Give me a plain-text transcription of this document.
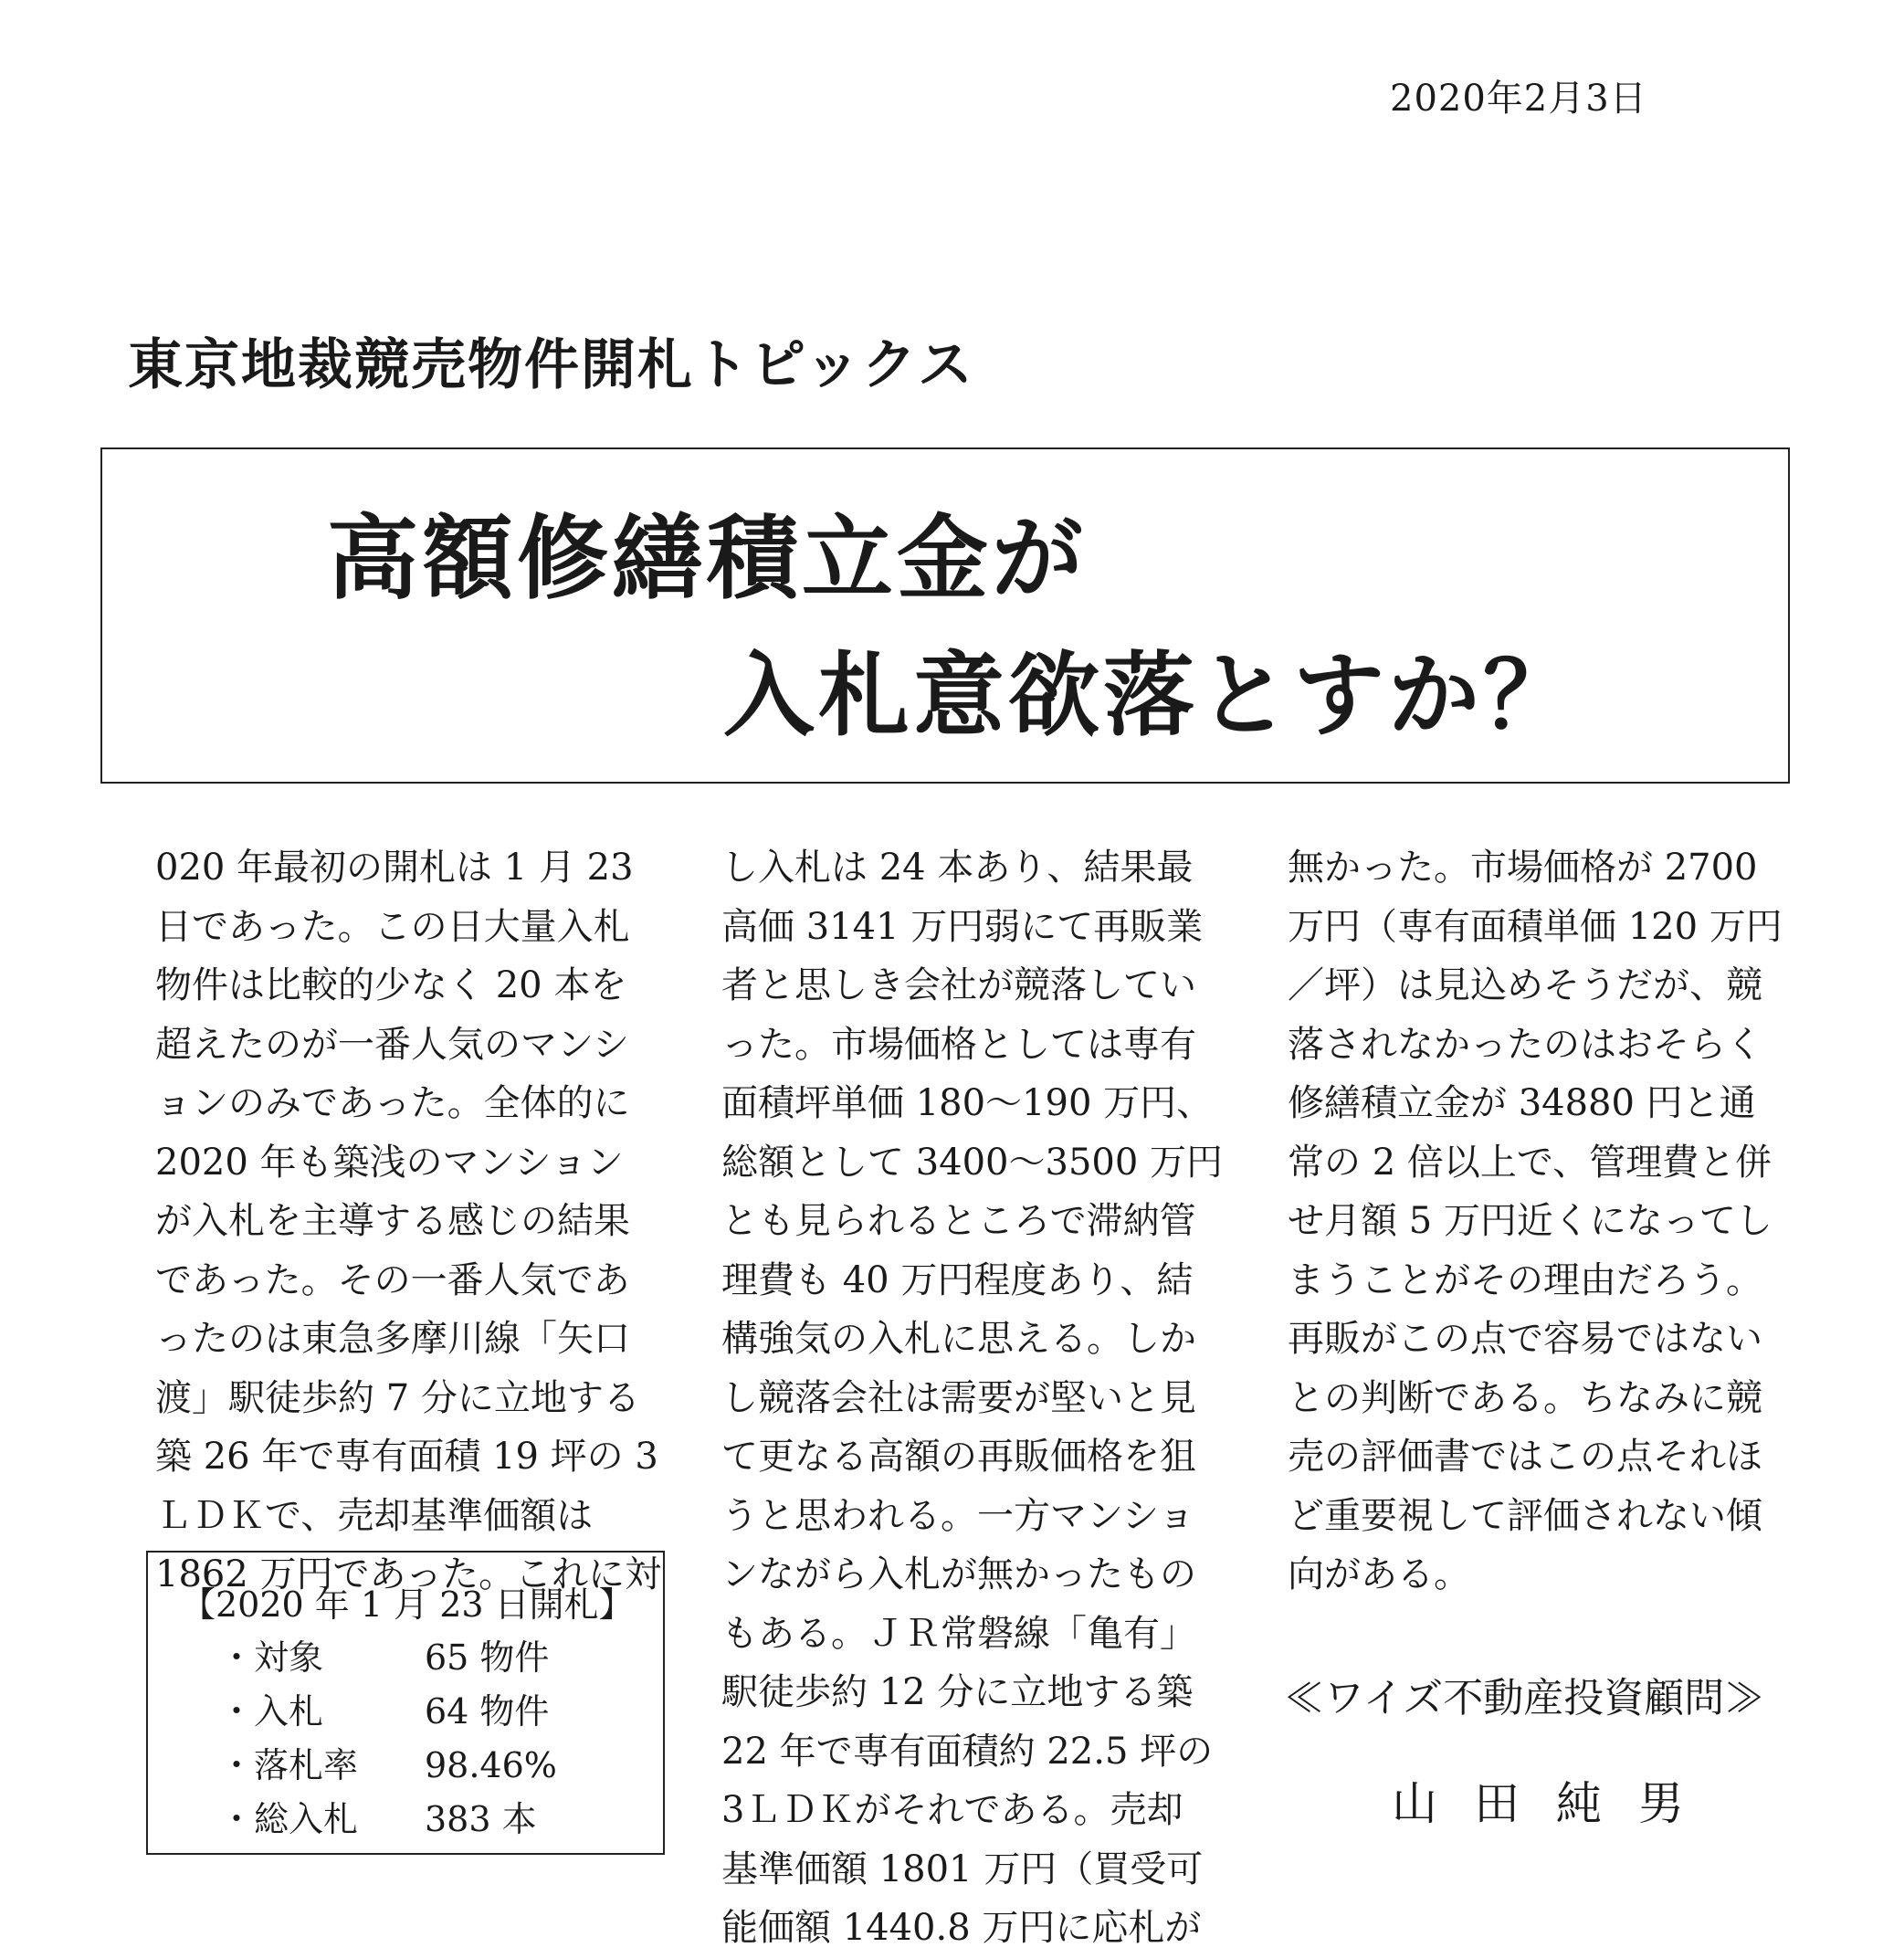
2020年2月3日
東京地裁競売物件開札トピックス
高額修繕積立金が
入札意欲落とすか？
020 年最初の開札は 1 月 23
日であった。この日大量入札
物件は比較的少なく 20 本を
超えたのが一番人気のマンシ
ョンのみであった。全体的に
2020 年も築浅のマンション
が入札を主導する感じの結果
であった。その一番人気であ
ったのは東急多摩川線「矢口
渡」駅徒歩約 7 分に立地する
築 26 年で専有面積 19 坪の 3
ＬＤＫで、売却基準価額は
1862 万円であった。これに対
【2020 年 1 月 23 日開札】
・対象	65 物件
・入札	64 物件
・落札率 98.46%
・総入札 383 本
し入札は 24 本あり、結果最
高価 3141 万円弱にて再販業
者と思しき会社が競落してい
った。市場価格としては専有
面積坪単価 180～190 万円、
総額として 3400～3500 万円
とも見られるところで滞納管
理費も 40 万円程度あり、結
構強気の入札に思える。しか
し競落会社は需要が堅いと見
て更なる高額の再販価格を狙
うと思われる。一方マンショ
ンながら入札が無かったもの
もある。ＪＲ常磐線「亀有」
駅徒歩約 12 分に立地する築
22 年で専有面積約 22.5 坪の
3ＬＤＫがそれである。売却
基準価額 1801 万円（買受可
能価額 1440.8 万円に応札が
無かった。市場価格が 2700
万円（専有面積単価 120 万円
／坪）は見込めそうだが、競
落されなかったのはおそらく
修繕積立金が 34880 円と通
常の 2 倍以上で、管理費と併
せ月額 5 万円近くになってし
まうことがその理由だろう。
再販がこの点で容易ではない
との判断である。ちなみに競
売の評価書ではこの点それほ
ど重要視して評価されない傾
向がある。
≪ワイズ不動産投資顧問≫
山田純男
